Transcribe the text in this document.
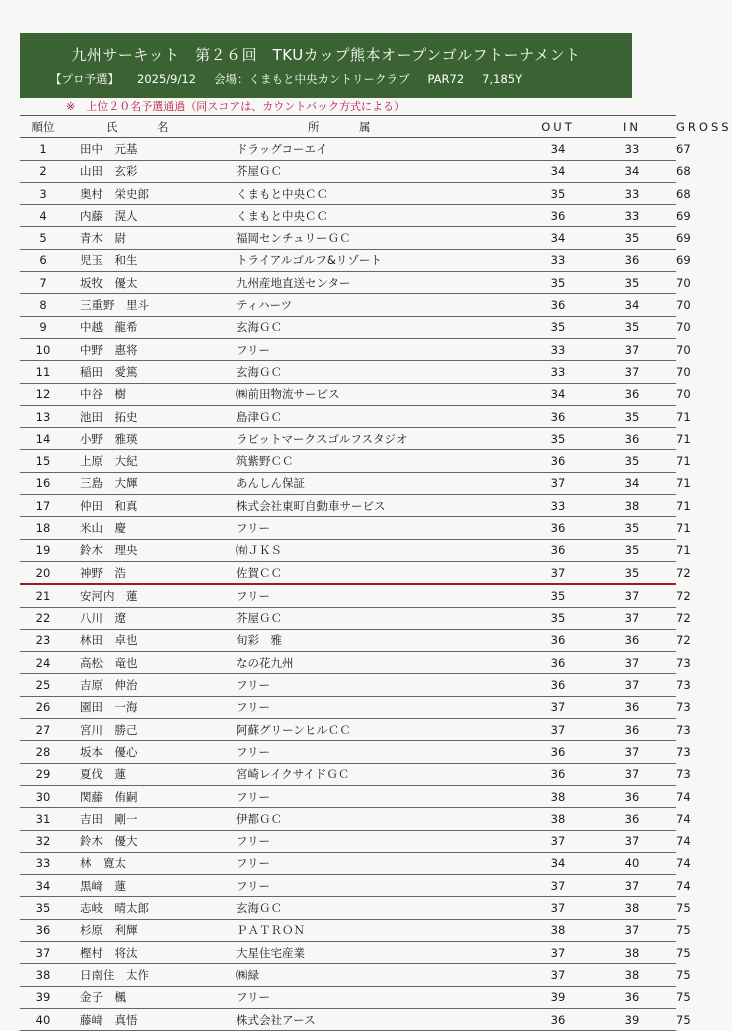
九州サーキット　第２６回　TKUカップ熊本オープンゴルフトーナメント
【プロ予選】 2025/9/12 会場：くまもと中央カントリークラブ PAR72 7,185Y
※　上位２０名予選通過（同スコアは、カウントバック方式による）
順位	氏　名	所　属	OUT	IN	GROSS
1	田中　元基	ドラッグコーエイ	34	33	67
2	山田　玄彩	芥屋ＧＣ	34	34	68
3	奥村　栄史郎	くまもと中央ＣＣ	35	33	68
4	内藤　滉人	くまもと中央ＣＣ	36	33	69
5	青木　尉	福岡センチュリーＧＣ	34	35	69
6	児玉　和生	トライアルゴルフ&リゾート	33	36	69
7	坂牧　優太	九州産地直送センター	35	35	70
8	三重野　里斗	ティハーツ	36	34	70
9	中越　龍希	玄海ＧＣ	35	35	70
10	中野　惠将	フリー	33	37	70
11	稲田　愛篤	玄海ＧＣ	33	37	70
12	中谷　樹	㈱前田物流サービス	34	36	70
13	池田　拓史	島津ＧＣ	36	35	71
14	小野　雅瑛	ラビットマークスゴルフスタジオ	35	36	71
15	上原　大紀	筑紫野ＣＣ	36	35	71
16	三島　大輝	あんしん保証	37	34	71
17	仲田　和真	株式会社東町自動車サービス	33	38	71
18	米山　慶	フリー	36	35	71
19	鈴木　理央	㈲ＪＫＳ	36	35	71
20	神野　浩	佐賀ＣＣ	37	35	72
21	安河内　蓮	フリー	35	37	72
22	八川　遼	芥屋ＧＣ	35	37	72
23	林田　卓也	旬彩　雅	36	36	72
24	高松　竜也	なの花九州	36	37	73
25	吉原　伸治	フリー	36	37	73
26	園田　一海	フリー	37	36	73
27	宮川　勝己	阿蘇グリーンヒルＣＣ	37	36	73
28	坂本　優心	フリー	36	37	73
29	夏伐　蓮	宮崎レイクサイドＧＣ	36	37	73
30	関藤　侑嗣	フリー	38	36	74
31	吉田　剛一	伊都ＧＣ	38	36	74
32	鈴木　優大	フリー	37	37	74
33	林　寛太	フリー	34	40	74
34	黒﨑　蓮	フリー	37	37	74
35	志岐　晴太郎	玄海ＧＣ	37	38	75
36	杉原　利輝	ＰＡＴＲＯＮ	38	37	75
37	樫村　将汰	大星住宅産業	37	38	75
38	日南住　太作	㈱緑	37	38	75
39	金子　楓	フリー	39	36	75
40	藤﨑　真悟	株式会社アース	36	39	75
